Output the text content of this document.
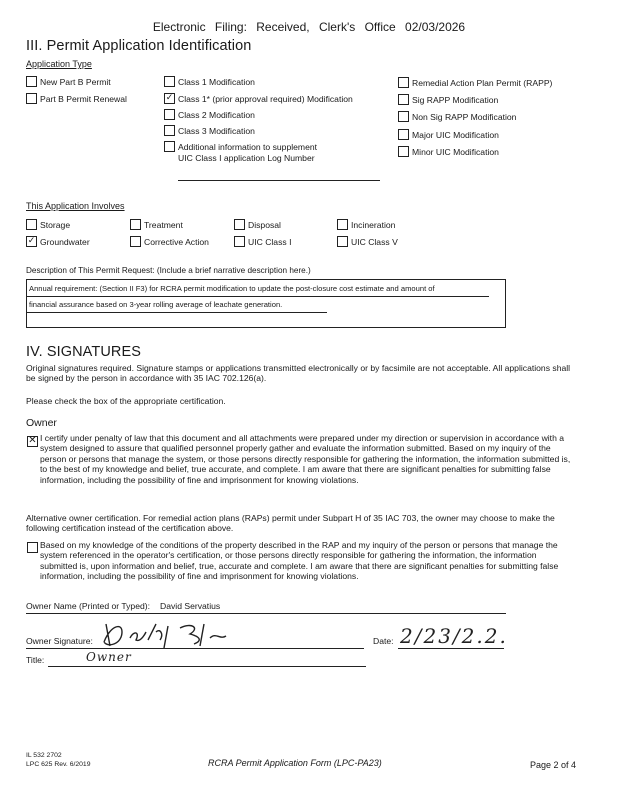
Electronic Filing: Received, Clerk's Office 02/03/2026
III. Permit Application Identification
Application Type
New Part B Permit
Part B Permit Renewal
Class 1 Modification
✓ Class 1* (prior approval required) Modification
Class 2 Modification
Class 3 Modification
Additional information to supplement
UIC Class I application Log Number
Remedial Action Plan Permit (RAPP)
Sig RAPP Modification
Non Sig RAPP Modification
Major UIC Modification
Minor UIC Modification
This Application Involves
Storage	Treatment	Disposal	Incineration
✓ Groundwater	Corrective Action	UIC Class I	UIC Class V
Description of This Permit Request: (Include a brief narrative description here.)
Annual requirement: (Section II F3) for RCRA permit modification to update the post-closure cost estimate and amount of
financial assurance based on 3-year rolling average of leachate generation.
IV. SIGNATURES
Original signatures required. Signature stamps or applications transmitted electronically or by facsimile are not acceptable. All applications shall be signed by the person in accordance with 35 IAC 702.126(a).
Please check the box of the appropriate certification.
Owner
✕ I certify under penalty of law that this document and all attachments were prepared under my direction or supervision in accordance with a system designed to assure that qualified personnel properly gather and evaluate the information submitted. Based on my inquiry of the person or persons that manage the system, or those persons directly responsible for gathering the information, the information submitted is, to the best of my knowledge and belief, true accurate, and complete. I am aware that there are significant penalties for submitting false information, including the possibility of fine and imprisonment for knowing violations.
Alternative owner certification. For remedial action plans (RAPs) permit under Subpart H of 35 IAC 703, the owner may choose to make the following certification instead of the certification above.
Based on my knowledge of the conditions of the property described in the RAP and my inquiry of the person or persons that manage the system referenced in the operator's certification, or those persons directly responsible for gathering the information, the information submitted is, upon information and belief, true, accurate and complete. I am aware that there are significant penalties for submitting false information, including the possibility of fine and imprisonment for knowing violations.
Owner Name (Printed or Typed): David Servatius
Owner Signature:	Date: 2/23/2.2.
Title:	Owner
IL 532 2702
LPC 625 Rev. 6/2019	RCRA Permit Application Form (LPC-PA23)	Page 2 of 4
